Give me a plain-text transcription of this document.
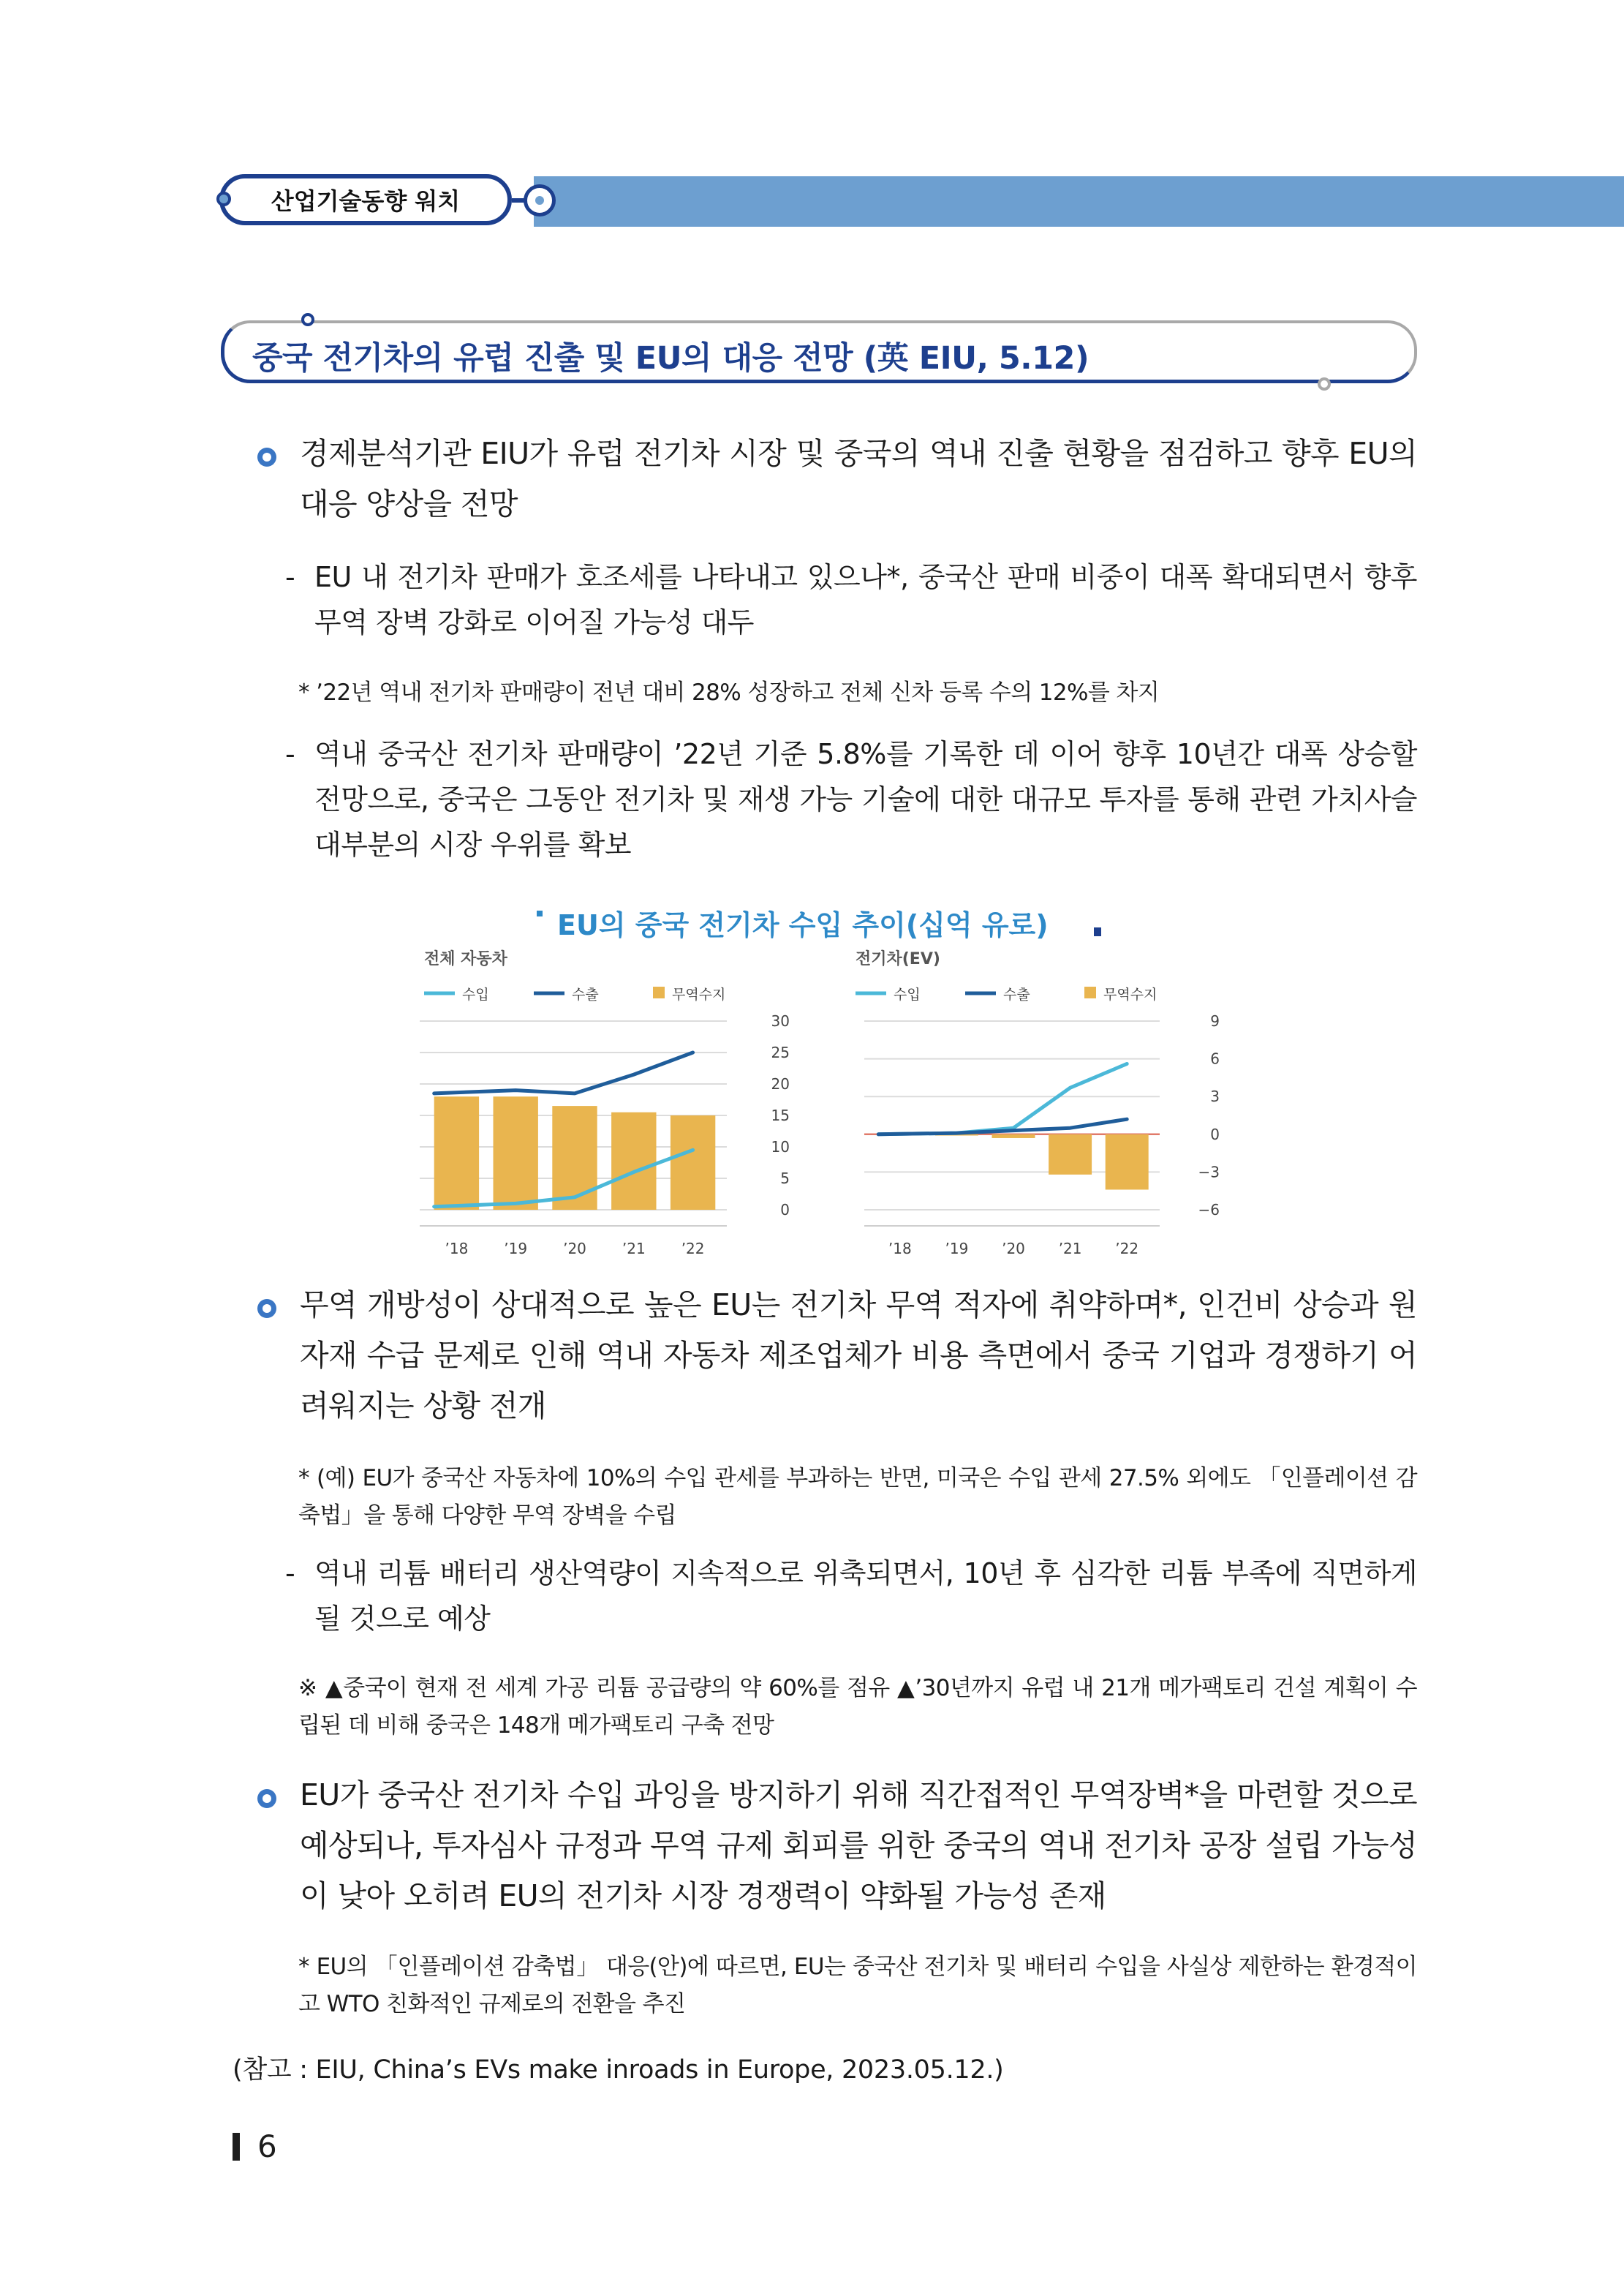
산업기술동향 워치
중국 전기차의 유럽 진출 및 EU의 대응 전망 (英 EIU, 5.12)
경제분석기관 EIU가 유럽 전기차 시장 및 중국의 역내 진출 현황을 점검하고 향후 EU의 대응 양상을 전망
- EU 내 전기차 판매가 호조세를 나타내고 있으나*, 중국산 판매 비중이 대폭 확대되면서 향후 무역 장벽 강화로 이어질 가능성 대두
* ’22년 역내 전기차 판매량이 전년 대비 28% 성장하고 전체 신차 등록 수의 12%를 차지
- 역내 중국산 전기차 판매량이 ’22년 기준 5.8%를 기록한 데 이어 향후 10년간 대폭 상승할 전망으로, 중국은 그동안 전기차 및 재생 가능 기술에 대한 대규모 투자를 통해 관련 가치사슬 대부분의 시장 우위를 확보
EU의 중국 전기차 수입 추이(십억 유로)
전체 자동차
수입	수출	무역수지
0
5
10
15
20
25
30
’18 ’19 ’20 ’21 ’22
전기차(EV)
수입	수출	무역수지
9
6
3
0
−3
−6
’18 ’19 ’20 ’21 ’22
무역 개방성이 상대적으로 높은 EU는 전기차 무역 적자에 취약하며*, 인건비 상승과 원자재 수급 문제로 인해 역내 자동차 제조업체가 비용 측면에서 중국 기업과 경쟁하기 어려워지는 상황 전개
* (예) EU가 중국산 자동차에 10%의 수입 관세를 부과하는 반면, 미국은 수입 관세 27.5% 외에도 「인플레이션 감축법」을 통해 다양한 무역 장벽을 수립
- 역내 리튬 배터리 생산역량이 지속적으로 위축되면서, 10년 후 심각한 리튬 부족에 직면하게 될 것으로 예상
※ ▲중국이 현재 전 세계 가공 리튬 공급량의 약 60%를 점유 ▲’30년까지 유럽 내 21개 메가팩토리 건설 계획이 수립된 데 비해 중국은 148개 메가팩토리 구축 전망
EU가 중국산 전기차 수입 과잉을 방지하기 위해 직간접적인 무역장벽*을 마련할 것으로 예상되나, 투자심사 규정과 무역 규제 회피를 위한 중국의 역내 전기차 공장 설립 가능성이 낮아 오히려 EU의 전기차 시장 경쟁력이 약화될 가능성 존재
* EU의 「인플레이션 감축법」 대응(안)에 따르면, EU는 중국산 전기차 및 배터리 수입을 사실상 제한하는 환경적이고 WTO 친화적인 규제로의 전환을 추진
(참고 : EIU, China’s EVs make inroads in Europe, 2023.05.12.)
6
